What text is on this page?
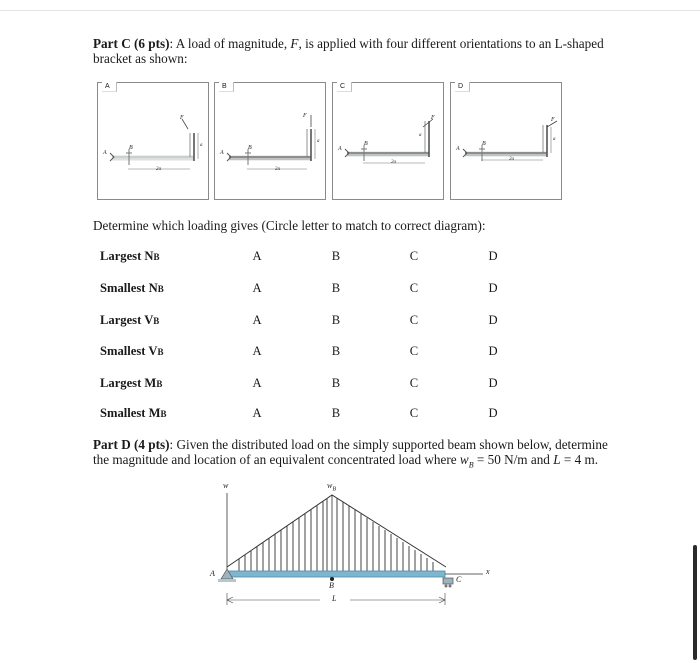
Part C (6 pts): A load of magnitude, F, is applied with four different orientations to an L-shaped
bracket as shown:

A
A
B
F
a
2a
B
A
B
F
a
2a
C
A
B
F
a
2a
D
A
B
F
a
2a
Determine which loading gives (Circle letter to match to correct diagram):
Largest NB	A	B	C	D
Smallest NB	A	B	C	D
Largest VB	A	B	C	D
Smallest VB	A	B	C	D
Largest MB	A	B	C	D
Smallest MB	A	B	C	D

Part D (4 pts): Given the distributed load on the simply supported beam shown below, determine
the magnitude and location of an equivalent concentrated load where $w_B = 50$ N/m and L = 4 m.

w	$w_B$
x
A
C
B
L
